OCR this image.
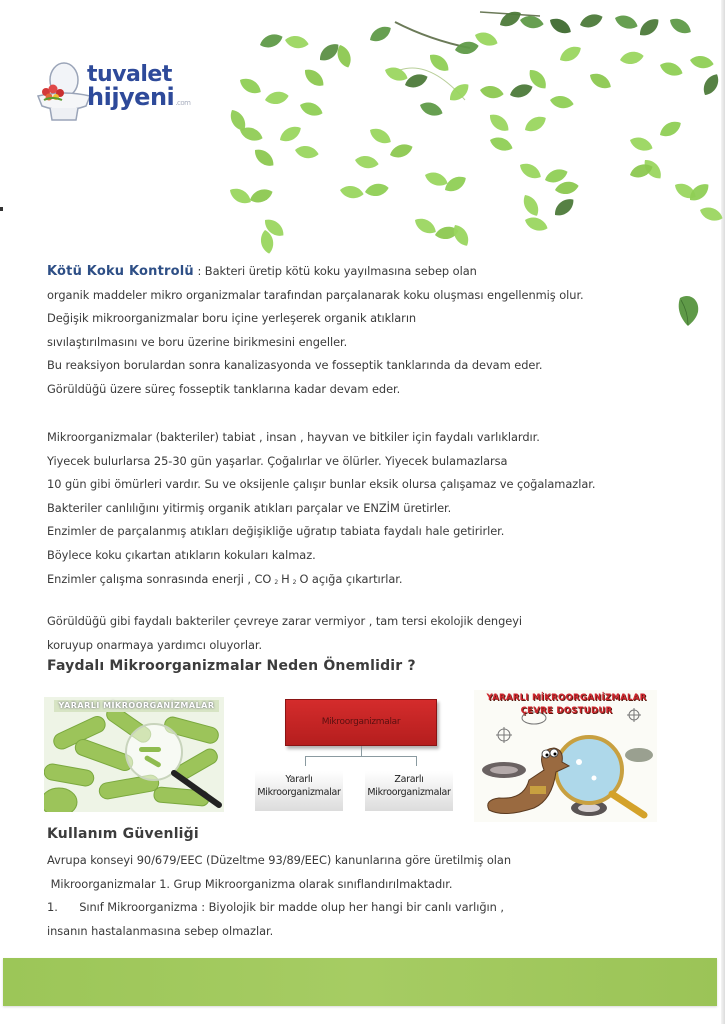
tuvalet
hijyeni.com

Kötü Koku Kontrolü : Bakteri üretip kötü koku yayılmasına sebep olan

organik maddeler mikro organizmalar tarafından parçalanarak koku oluşması engellenmiş olur.

Değişik mikroorganizmalar boru içine yerleşerek organik atıkların

sıvılaştırılmasını ve boru üzerine birikmesini engeller.

Bu reaksiyon borulardan sonra kanalizasyonda ve fosseptik tanklarında da devam eder.

Görüldüğü üzere süreç fosseptik tanklarına kadar devam eder.

Mikroorganizmalar (bakteriler) tabiat , insan , hayvan ve bitkiler için faydalı varlıklardır.

Yiyecek bulurlarsa 25-30 gün yaşarlar. Çoğalırlar ve ölürler. Yiyecek bulamazlarsa

10 gün gibi ömürleri vardır. Su ve oksijenle çalışır bunlar eksik olursa çalışamaz ve çoğalamazlar.

Bakteriler canlılığını yitirmiş organik atıkları parçalar ve ENZİM üretirler.

Enzimler de parçalanmış atıkları değişikliğe uğratıp tabiata faydalı hale getirirler.

Böylece koku çıkartan atıkların kokuları kalmaz.

Enzimler çalışma sonrasında enerji , CO $_2$ H $_2$ O açığa çıkartırlar.

Görüldüğü gibi faydalı bakteriler çevreye zarar vermiyor , tam tersi ekolojik dengeyi

koruyup onarmaya yardımcı oluyorlar.

Faydalı Mikroorganizmalar Neden Önemlidir ?
YARARLI MİKROORGANİZMALAR
Mikroorganizmalar
Yararlı
Mikroorganizmalar
Zararlı
Mikroorganizmalar
YARARLI MİKROORGANİZMALAR
ÇEVRE DOSTUDUR
Kullanım Güvenliği

Avrupa konseyi 90/679/EEC (Düzeltme 93/89/EEC) kanunlarına göre üretilmiş olan

Mikroorganizmalar 1. Grup Mikroorganizma olarak sınıflandırılmaktadır.

1.      Sınıf Mikroorganizma : Biyolojik bir madde olup her hangi bir canlı varlığın ,

insanın hastalanmasına sebep olmazlar.
